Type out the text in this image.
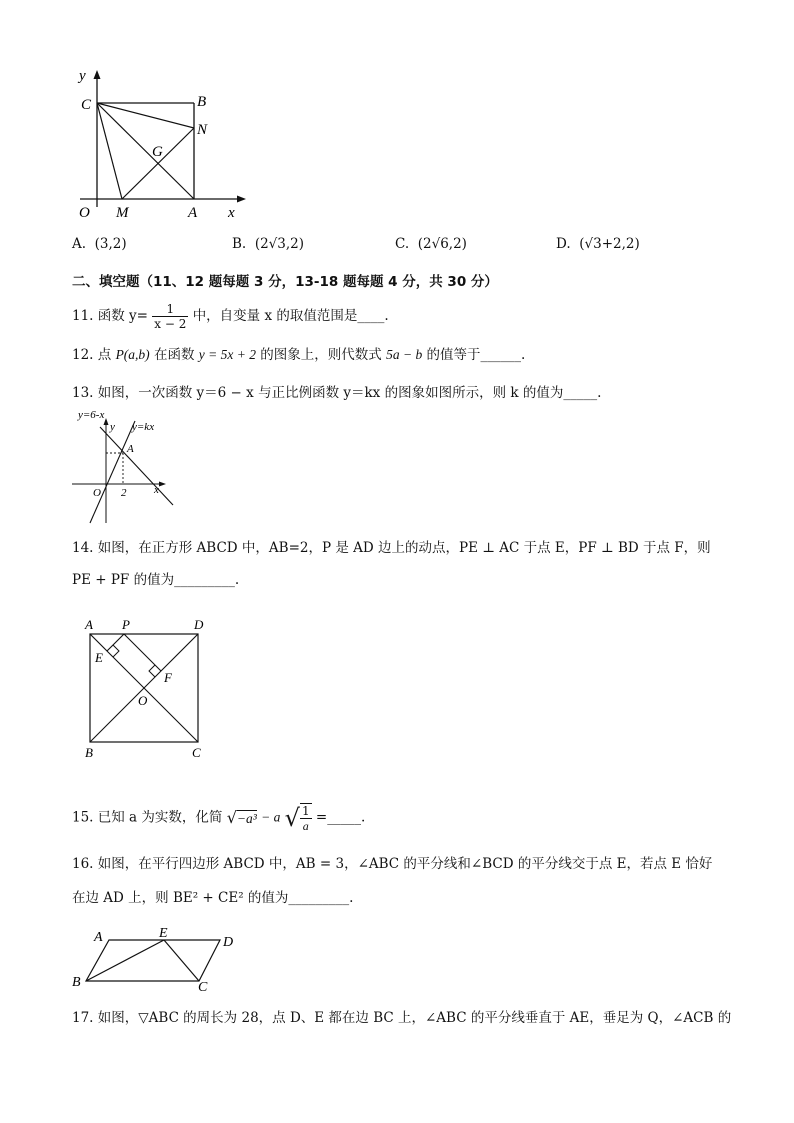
y
C	B
N
G
O M	A x
A. (3,2)	B. (2√3,2)	C. (2√6,2)	D. (√3+2,2)
二、填空题（11、12 题每题 3 分，13-18 题每题 4 分，共 30 分）
11. 函数 $y= \frac{1}{x - 2}$ 中，自变量 x 的取值范围是____.
12. 点 P(a,b) 在函数 y = 5x + 2 的图象上，则代数式 5a − b 的值等于______.
13. 如图，一次函数 y＝6 − x 与正比例函数 y＝kx 的图象如图所示，则 k 的值为_____.
y=6-x
y y=kx
A
O 2	x
14. 如图，在正方形 ABCD 中，AB=2，P 是 AD 边上的动点，PE ⊥ AC 于点 E，PF ⊥ BD 于点 F，则
PE + PF 的值为_________.
A P	D
E
F
O
B	C
15. 已知 a 为实数，化简 √−a³ − a √ $\frac{1}{a}$ =_____.
16. 如图，在平行四边形 ABCD 中，AB = 3，∠ABC 的平分线和∠BCD 的平分线交于点 E，若点 E 恰好
在边 AD 上，则 BE² + CE² 的值为_________.
A	E
D
B	C
17. 如图，▽ABC 的周长为 28，点 D、E 都在边 BC 上，∠ABC 的平分线垂直于 AE，垂足为 Q，∠ACB 的
